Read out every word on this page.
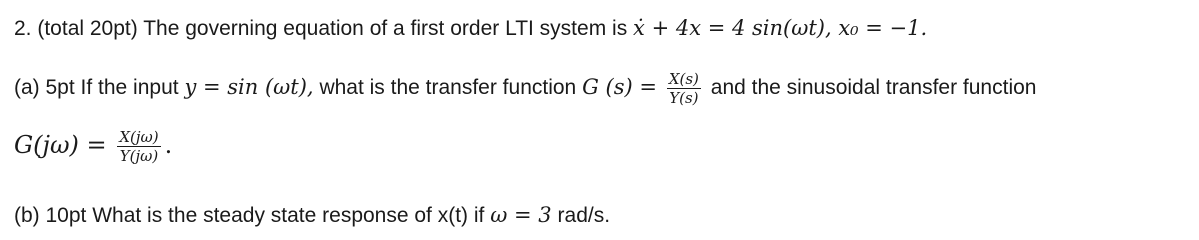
2. (total 20pt) The governing equation of a first order LTI system is ẋ + 4x = 4 sin(ωt), x₀ = −1.
(a) 5pt If the input y = sin (ωt), what is the transfer function G $(s) = \frac{X(s)}{Y(s)}$ and the sinusoidal transfer function
$G(j\omega) = \frac{X(j\omega)}{Y(j\omega)}$ .
(b) 10pt What is the steady state response of x(t) if ω = 3 rad/s.
